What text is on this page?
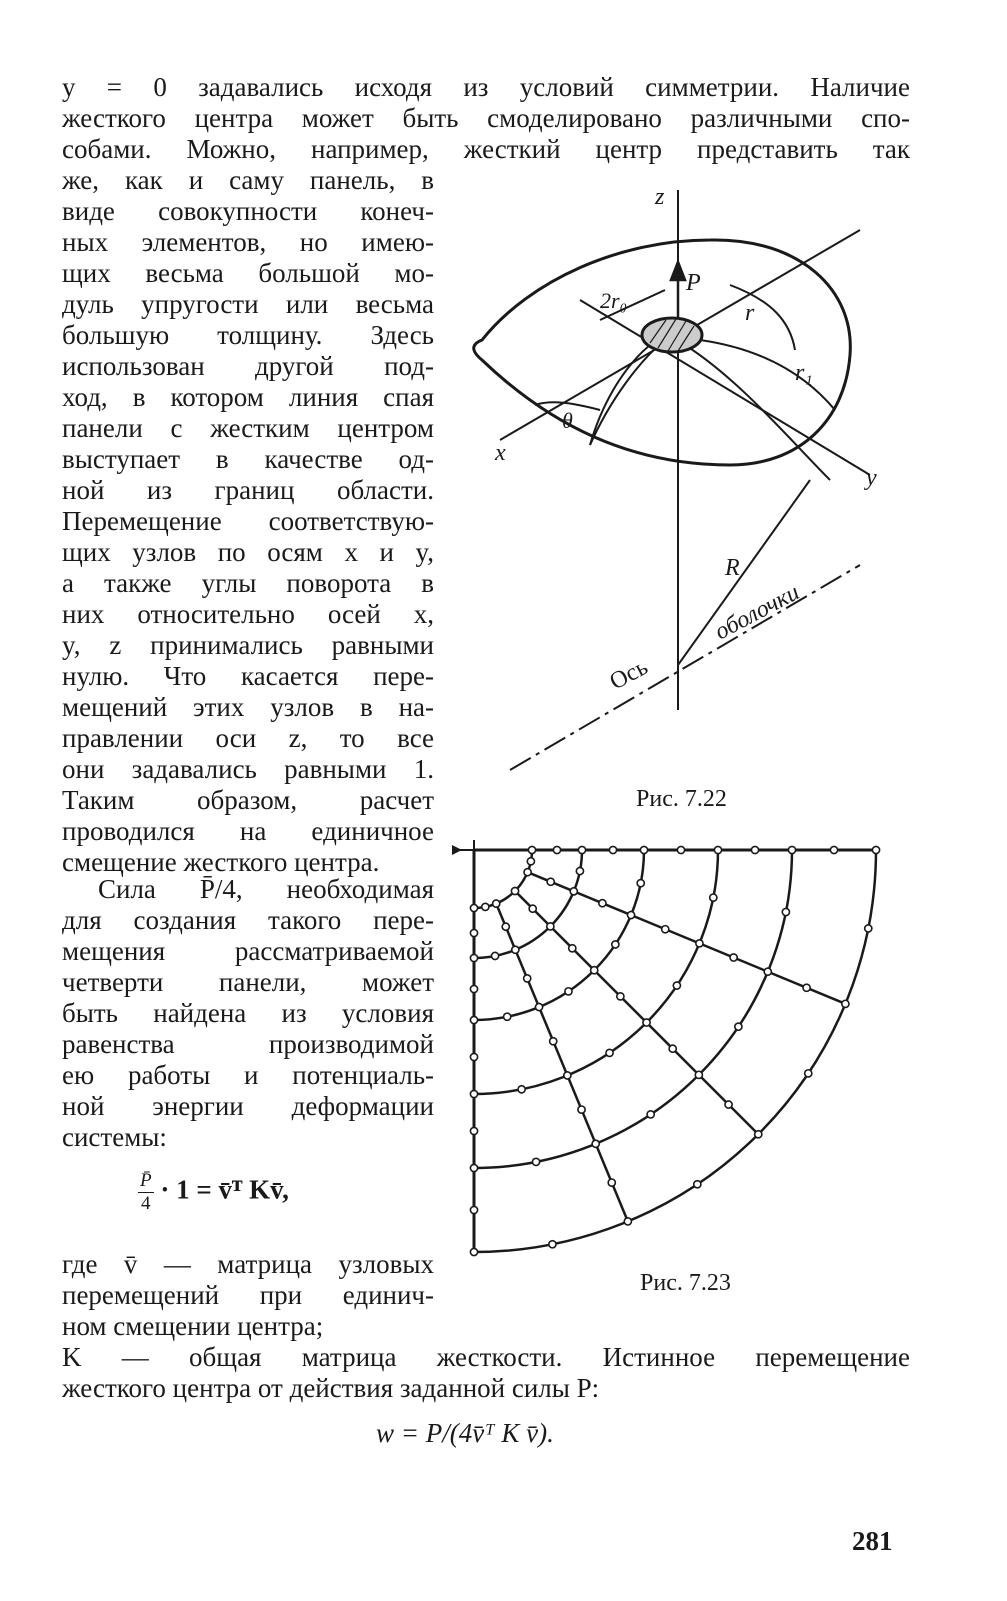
у = 0 задавались исходя из условий симметрии. Наличие
жесткого центра может быть смоделировано различными спо-
собами. Можно, например, жесткий центр представить так
же, как и саму панель, в
виде совокупности конеч-
ных элементов, но имею-
щих весьма большой мо-
дуль упругости или весьма
большую толщину. Здесь
использован другой под-
ход, в котором линия спая
панели с жестким центром
выступает в качестве од-
ной из границ области.
Перемещение соответствую-
щих узлов по осям x и y,
а также углы поворота в
них относительно осей x,
y, z принимались равными
нулю. Что касается пере-
мещений этих узлов в на-
правлении оси z, то все
они задавались равными 1.
Таким образом, расчет
проводился на единичное
смещение жесткого центра.
Сила P̄/4, необходимая
для создания такого пере-
мещения рассматриваемой
четверти панели, может
быть найдена из условия
равенства производимой
ею работы и потенциаль-
ной энергии деформации
системы:
$\frac{P̄}{4} \cdot 1$ = v̄ᵀ Kv̄,
где v̄ — матрица узловых
перемещений при единич-
ном смещении центра;
K — общая матрица жесткости. Истинное перемещение
жесткого центра от действия заданной силы P:
w = P/(4v̄ᵀ K v̄).
z
P
2r₀	r
r₁
θ
x
y
R
Ось
оболочки
Рис. 7.22
Рис. 7.23
281
